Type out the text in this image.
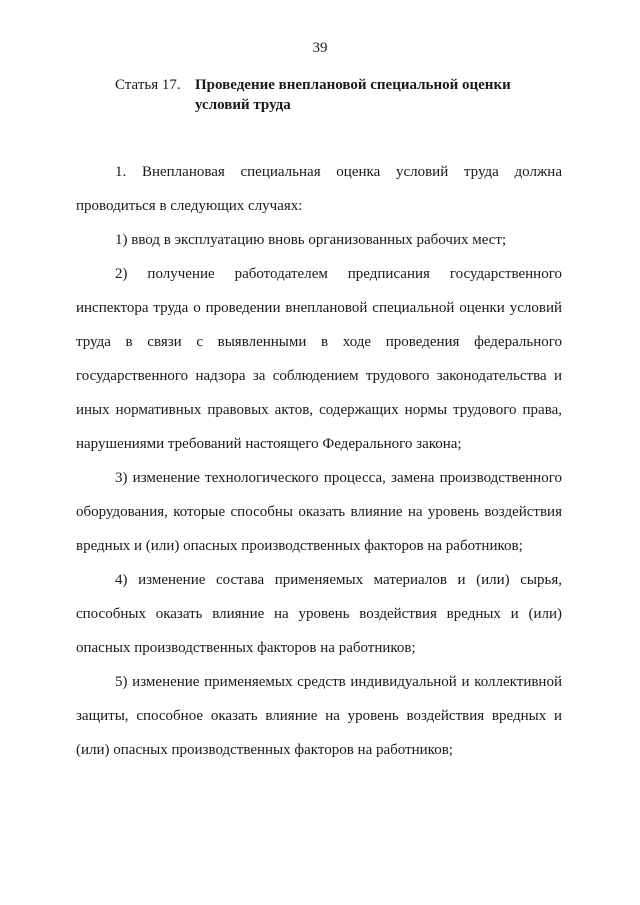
39
Статья 17. Проведение внеплановой специальной оценки условий труда

1. Внеплановая специальная оценка условий труда должна проводиться в следующих случаях:

1) ввод в эксплуатацию вновь организованных рабочих мест;

2) получение работодателем предписания государственного инспектора труда о проведении внеплановой специальной оценки условий труда в связи с выявленными в ходе проведения федерального государственного надзора за соблюдением трудового законодательства и иных нормативных правовых актов, содержащих нормы трудового права, нарушениями требований настоящего Федерального закона;

3) изменение технологического процесса, замена производственного оборудования, которые способны оказать влияние на уровень воздействия вредных и (или) опасных производственных факторов на работников;

4) изменение состава применяемых материалов и (или) сырья, способных оказать влияние на уровень воздействия вредных и (или) опасных производственных факторов на работников;

5) изменение применяемых средств индивидуальной и коллективной защиты, способное оказать влияние на уровень воздействия вредных и (или) опасных производственных факторов на работников;
